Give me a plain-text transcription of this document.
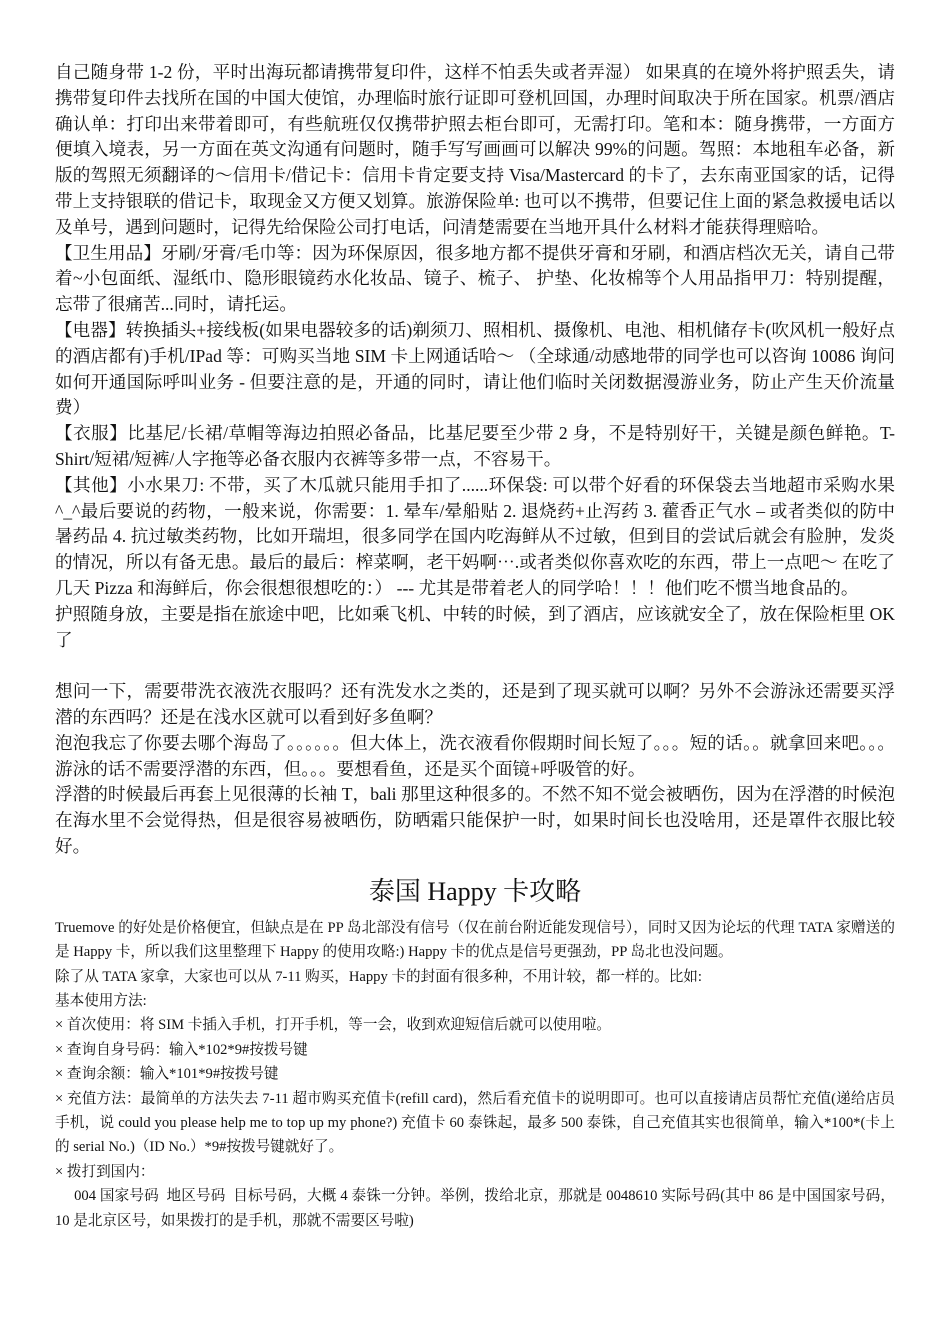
自己随身带 1-2 份，平时出海玩都请携带复印件，这样不怕丢失或者弄湿） 如果真的在境外将护照丢失，请携带复印件去找所在国的中国大使馆，办理临时旅行证即可登机回国，办理时间取决于所在国家。机票/酒店确认单：打印出来带着即可，有些航班仅仅携带护照去柜台即可，无需打印。笔和本：随身携带，一方面方便填入境表，另一方面在英文沟通有问题时，随手写写画画可以解决 99%的问题。驾照：本地租车必备，新版的驾照无须翻译的～信用卡/借记卡：信用卡肯定要支持 Visa/Mastercard 的卡了，去东南亚国家的话，记得带上支持银联的借记卡，取现金又方便又划算。旅游保险单: 也可以不携带，但要记住上面的紧急救援电话以及单号，遇到问题时，记得先给保险公司打电话，问清楚需要在当地开具什么材料才能获得理赔哈。

【卫生用品】牙刷/牙膏/毛巾等：因为环保原因，很多地方都不提供牙膏和牙刷，和酒店档次无关，请自己带着~小包面纸、湿纸巾、隐形眼镜药水化妆品、镜子、梳子、 护垫、化妆棉等个人用品指甲刀：特别提醒，忘带了很痛苦...同时，请托运。

【电器】转换插头+接线板(如果电器较多的话)剃须刀、照相机、摄像机、电池、相机储存卡(吹风机一般好点的酒店都有)手机/IPad 等：可购买当地 SIM 卡上网通话哈～ （全球通/动感地带的同学也可以咨询 10086 询问如何开通国际呼叫业务 - 但要注意的是，开通的同时，请让他们临时关闭数据漫游业务，防止产生天价流量费）

【衣服】比基尼/长裙/草帽等海边拍照必备品，比基尼要至少带 2 身，不是特别好干，关键是颜色鲜艳。T-Shirt/短裙/短裤/人字拖等必备衣服内衣裤等多带一点，不容易干。

【其他】小水果刀: 不带，买了木瓜就只能用手扣了......环保袋: 可以带个好看的环保袋去当地超市采购水果^_^最后要说的药物，一般来说，你需要：1. 晕车/晕船贴 2. 退烧药+止泻药 3. 藿香正气水 – 或者类似的防中暑药品 4. 抗过敏类药物，比如开瑞坦，很多同学在国内吃海鲜从不过敏，但到目的尝试后就会有脸肿，发炎的情况，所以有备无患。最后的最后：榨菜啊，老干妈啊⋯.或者类似你喜欢吃的东西，带上一点吧～ 在吃了几天 Pizza 和海鲜后，你会很想很想吃的：） --- 尤其是带着老人的同学哈！！！他们吃不惯当地食品的。

护照随身放，主要是指在旅途中吧，比如乘飞机、中转的时候，到了酒店，应该就安全了，放在保险柜里 OK 了

想问一下，需要带洗衣液洗衣服吗？还有洗发水之类的，还是到了现买就可以啊？另外不会游泳还需要买浮潜的东西吗？还是在浅水区就可以看到好多鱼啊？

泡泡我忘了你要去哪个海岛了。。。。。。但大体上，洗衣液看你假期时间长短了。。。短的话。。就拿回来吧。。。游泳的话不需要浮潜的东西，但。。。要想看鱼，还是买个面镜+呼吸管的好。

浮潜的时候最后再套上见很薄的长袖 T，bali 那里这种很多的。不然不知不觉会被晒伤，因为在浮潜的时候泡在海水里不会觉得热，但是很容易被晒伤，防晒霜只能保护一时，如果时间长也没啥用，还是罩件衣服比较好。

泰国 Happy 卡攻略

Truemove 的好处是价格便宜，但缺点是在 PP 岛北部没有信号（仅在前台附近能发现信号），同时又因为论坛的代理 TATA 家赠送的是 Happy 卡，所以我们这里整理下 Happy 的使用攻略:) Happy 卡的优点是信号更强劲，PP 岛北也没问题。

除了从 TATA 家拿，大家也可以从 7-11 购买，Happy 卡的封面有很多种，不用计较，都一样的。比如:

基本使用方法:

× 首次使用：将 SIM 卡插入手机，打开手机，等一会，收到欢迎短信后就可以使用啦。

× 查询自身号码：输入*102*9#按拨号键

× 查询余额：输入*101*9#按拨号键

× 充值方法：最简单的方法失去 7-11 超市购买充值卡(refill card)，然后看充值卡的说明即可。也可以直接请店员帮忙充值(递给店员手机，说 could you please help me to top up my phone?) 充值卡 60 泰铢起，最多 500 泰铢，自己充值其实也很简单，输入*100*(卡上的 serial No.)（ID No.）*9#按拨号键就好了。

× 拨打到国内：

004 国家号码  地区号码  目标号码，大概 4 泰铢一分钟。举例，拨给北京，那就是 0048610 实际号码(其中 86 是中国国家号码，10 是北京区号，如果拨打的是手机，那就不需要区号啦)
